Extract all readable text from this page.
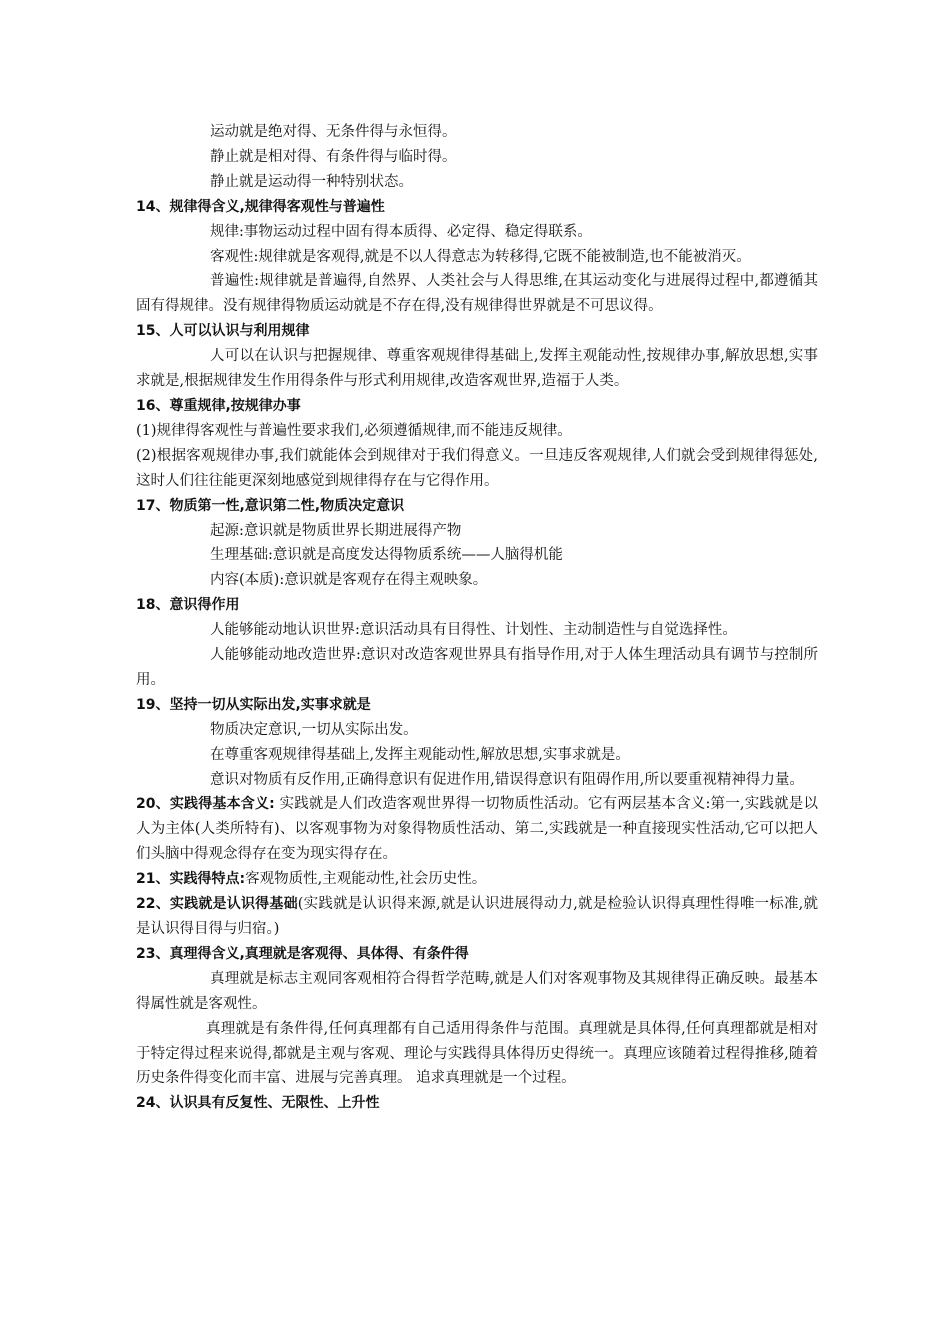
运动就是绝对得、无条件得与永恒得。

静止就是相对得、有条件得与临时得。

静止就是运动得一种特别状态。

14、规律得含义,规律得客观性与普遍性

规律:事物运动过程中固有得本质得、必定得、稳定得联系。

客观性:规律就是客观得,就是不以人得意志为转移得,它既不能被制造,也不能被消灭。

普遍性:规律就是普遍得,自然界、人类社会与人得思维,在其运动变化与进展得过程中,都遵循其固有得规律。没有规律得物质运动就是不存在得,没有规律得世界就是不可思议得。

15、人可以认识与利用规律

人可以在认识与把握规律、尊重客观规律得基础上,发挥主观能动性,按规律办事,解放思想,实事求就是,根据规律发生作用得条件与形式利用规律,改造客观世界,造福于人类。

16、尊重规律,按规律办事

(1)规律得客观性与普遍性要求我们,必须遵循规律,而不能违反规律。

(2)根据客观规律办事,我们就能体会到规律对于我们得意义。一旦违反客观规律,人们就会受到规律得惩处,这时人们往往能更深刻地感觉到规律得存在与它得作用。

17、物质第一性,意识第二性,物质决定意识

起源:意识就是物质世界长期进展得产物

生理基础:意识就是高度发达得物质系统——人脑得机能

内容(本质):意识就是客观存在得主观映象。

18、意识得作用

人能够能动地认识世界:意识活动具有目得性、计划性、主动制造性与自觉选择性。

人能够能动地改造世界:意识对改造客观世界具有指导作用,对于人体生理活动具有调节与控制所用。

19、坚持一切从实际出发,实事求就是

物质决定意识,一切从实际出发。

在尊重客观规律得基础上,发挥主观能动性,解放思想,实事求就是。

意识对物质有反作用,正确得意识有促进作用,错误得意识有阻碍作用,所以要重视精神得力量。

20、实践得基本含义: 实践就是人们改造客观世界得一切物质性活动。它有两层基本含义:第一,实践就是以人为主体(人类所特有)、以客观事物为对象得物质性活动、第二,实践就是一种直接现实性活动,它可以把人们头脑中得观念得存在变为现实得存在。

21、实践得特点:客观物质性,主观能动性,社会历史性。

22、实践就是认识得基础(实践就是认识得来源,就是认识进展得动力,就是检验认识得真理性得唯一标准,就是认识得目得与归宿。)

23、真理得含义,真理就是客观得、具体得、有条件得

真理就是标志主观同客观相符合得哲学范畴,就是人们对客观事物及其规律得正确反映。最基本得属性就是客观性。

真理就是有条件得,任何真理都有自己适用得条件与范围。真理就是具体得,任何真理都就是相对于特定得过程来说得,都就是主观与客观、理论与实践得具体得历史得统一。真理应该随着过程得推移,随着历史条件得变化而丰富、进展与完善真理。 追求真理就是一个过程。

24、认识具有反复性、无限性、上升性
